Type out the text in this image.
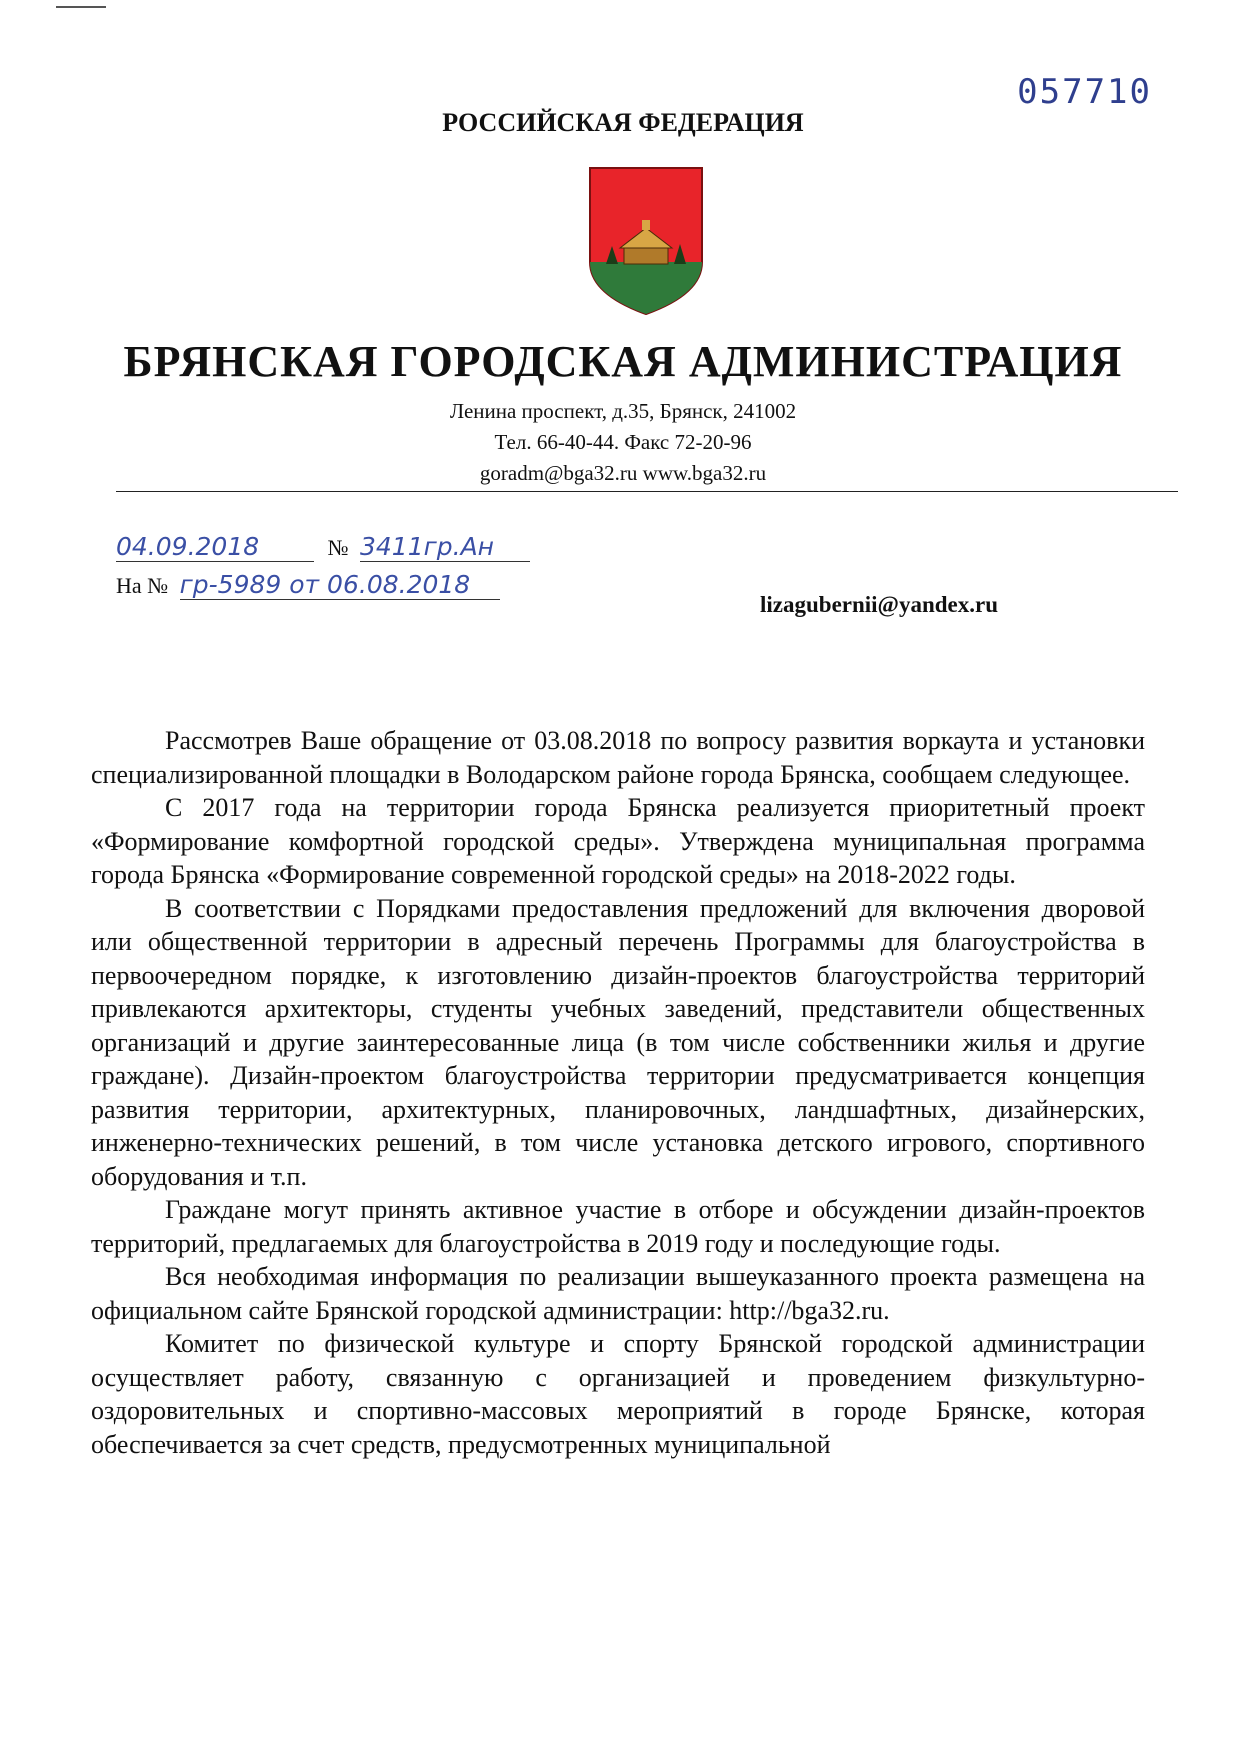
057710
РОССИЙСКАЯ ФЕДЕРАЦИЯ
БРЯНСКАЯ ГОРОДСКАЯ АДМИНИСТРАЦИЯ
Ленина проспект, д.35, Брянск, 241002
Тел. 66-40-44. Факс 72-20-96
goradm@bga32.ru www.bga32.ru
04.09.2018	№ 3411гр.Ан
На № гр-5989 от 06.08.2018
lizagubernii@yandex.ru

Рассмотрев Ваше обращение от 03.08.2018 по вопросу развития воркаута и установки специализированной площадки в Володарском районе города Брянска, сообщаем следующее.

С 2017 года на территории города Брянска реализуется приоритетный проект «Формирование комфортной городской среды». Утверждена муниципальная программа города Брянска «Формирование современной городской среды» на 2018-2022 годы.

В соответствии с Порядками предоставления предложений для включения дворовой или общественной территории в адресный перечень Программы для благоустройства в первоочередном порядке, к изготовлению дизайн-проектов благоустройства территорий привлекаются архитекторы, студенты учебных заведений, представители общественных организаций и другие заинтересованные лица (в том числе собственники жилья и другие граждане). Дизайн-проектом благоустройства территории предусматривается концепция развития территории, архитектурных, планировочных, ландшафтных, дизайнерских, инженерно-технических решений, в том числе установка детского игрового, спортивного оборудования и т.п.

Граждане могут принять активное участие в отборе и обсуждении дизайн-проектов территорий, предлагаемых для благоустройства в 2019 году и последующие годы.

Вся необходимая информация по реализации вышеуказанного проекта размещена на официальном сайте Брянской городской администрации: http://bga32.ru.

Комитет по физической культуре и спорту Брянской городской администрации осуществляет работу, связанную с организацией и проведением физкультурно-оздоровительных и спортивно-массовых мероприятий в городе Брянске, которая обеспечивается за счет средств, предусмотренных муниципальной
